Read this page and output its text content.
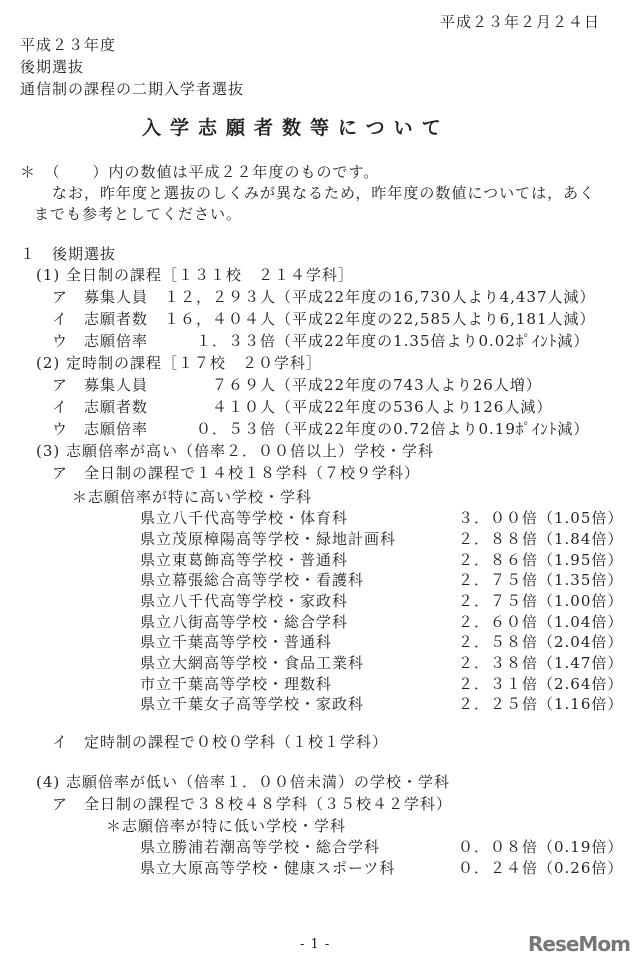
平成２３年２月２４日
平成２３年度
後期選抜
通信制の課程の二期入学者選抜
入学志願者数等について
＊　（　　）内の数値は平成２２年度のものです。
なお，昨年度と選抜のしくみが異なるため，昨年度の数値については，あく
までも参考としてください。
１　後期選抜
(1) 全日制の課程［１３１校　２１４学科］
ア　募集人員　１２，２９３人（平成22年度の16,730人より4,437人減）
イ　志願者数　１６，４０４人（平成22年度の22,585人より6,181人減）
ウ　志願倍率　　　１．３３倍（平成22年度の1.35倍より0.02ﾎﾟｲﾝﾄ減）
(2) 定時制の課程［１７校　２０学科］
ア　募集人員　　　　７６９人（平成22年度の743人より26人増）
イ　志願者数　　　　４１０人（平成22年度の536人より126人減）
ウ　志願倍率　　　０．５３倍（平成22年度の0.72倍より0.19ﾎﾟｲﾝﾄ減）
(3) 志願倍率が高い（倍率２．００倍以上）学校・学科
ア　全日制の課程で１４校１８学科（７校９学科）
＊志願倍率が特に高い学校・学科
県立八千代高等学校・体育科	３．００倍（1.05倍）
県立茂原樟陽高等学校・緑地計画科	２．８８倍（1.84倍）
県立東葛飾高等学校・普通科	２．８６倍（1.95倍）
県立幕張総合高等学校・看護科	２．７５倍（1.35倍）
県立八千代高等学校・家政科	２．７５倍（1.00倍）
県立八街高等学校・総合学科	２．６０倍（1.04倍）
県立千葉高等学校・普通科	２．５８倍（2.04倍）
県立大網高等学校・食品工業科	２．３８倍（1.47倍）
市立千葉高等学校・理数科	２．３１倍（2.64倍）
県立千葉女子高等学校・家政科	２．２５倍（1.16倍）
イ　定時制の課程で０校０学科（１校１学科）
(4) 志願倍率が低い（倍率１．００倍未満）の学校・学科
ア　全日制の課程で３８校４８学科（３５校４２学科）
＊志願倍率が特に低い学校・学科
県立勝浦若潮高等学校・総合学科	０．０８倍（0.19倍）
県立大原高等学校・健康スポーツ科	０．２４倍（0.26倍）
- 1 -	ReseMom
